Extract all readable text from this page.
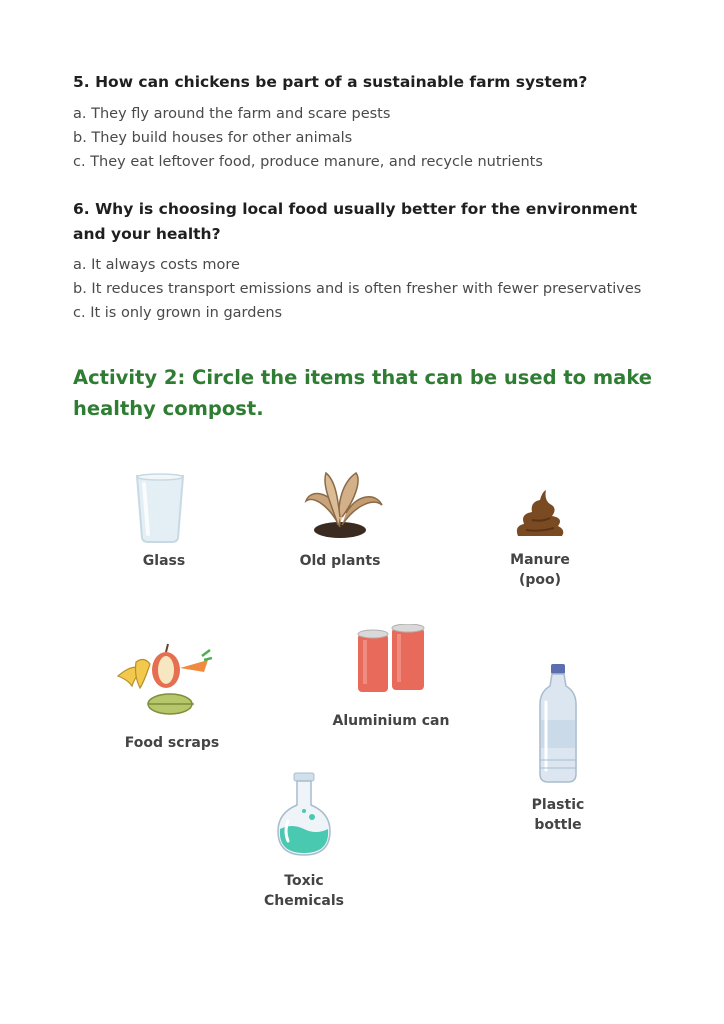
5. How can chickens be part of a sustainable farm system?

a. They fly around the farm and scare pests

b. They build houses for other animals

c. They eat leftover food, produce manure, and recycle nutrients

6. Why is choosing local food usually better for the environment and your health?

a. It always costs more

b. It reduces transport emissions and is often fresher with fewer preservatives

c. It is only grown in gardens

Activity 2: Circle the items that can be used to make healthy compost.

Glass	Old plants	Manure
(poo)
Food scraps
Aluminium can
Plastic
bottle
Toxic
Chemicals
